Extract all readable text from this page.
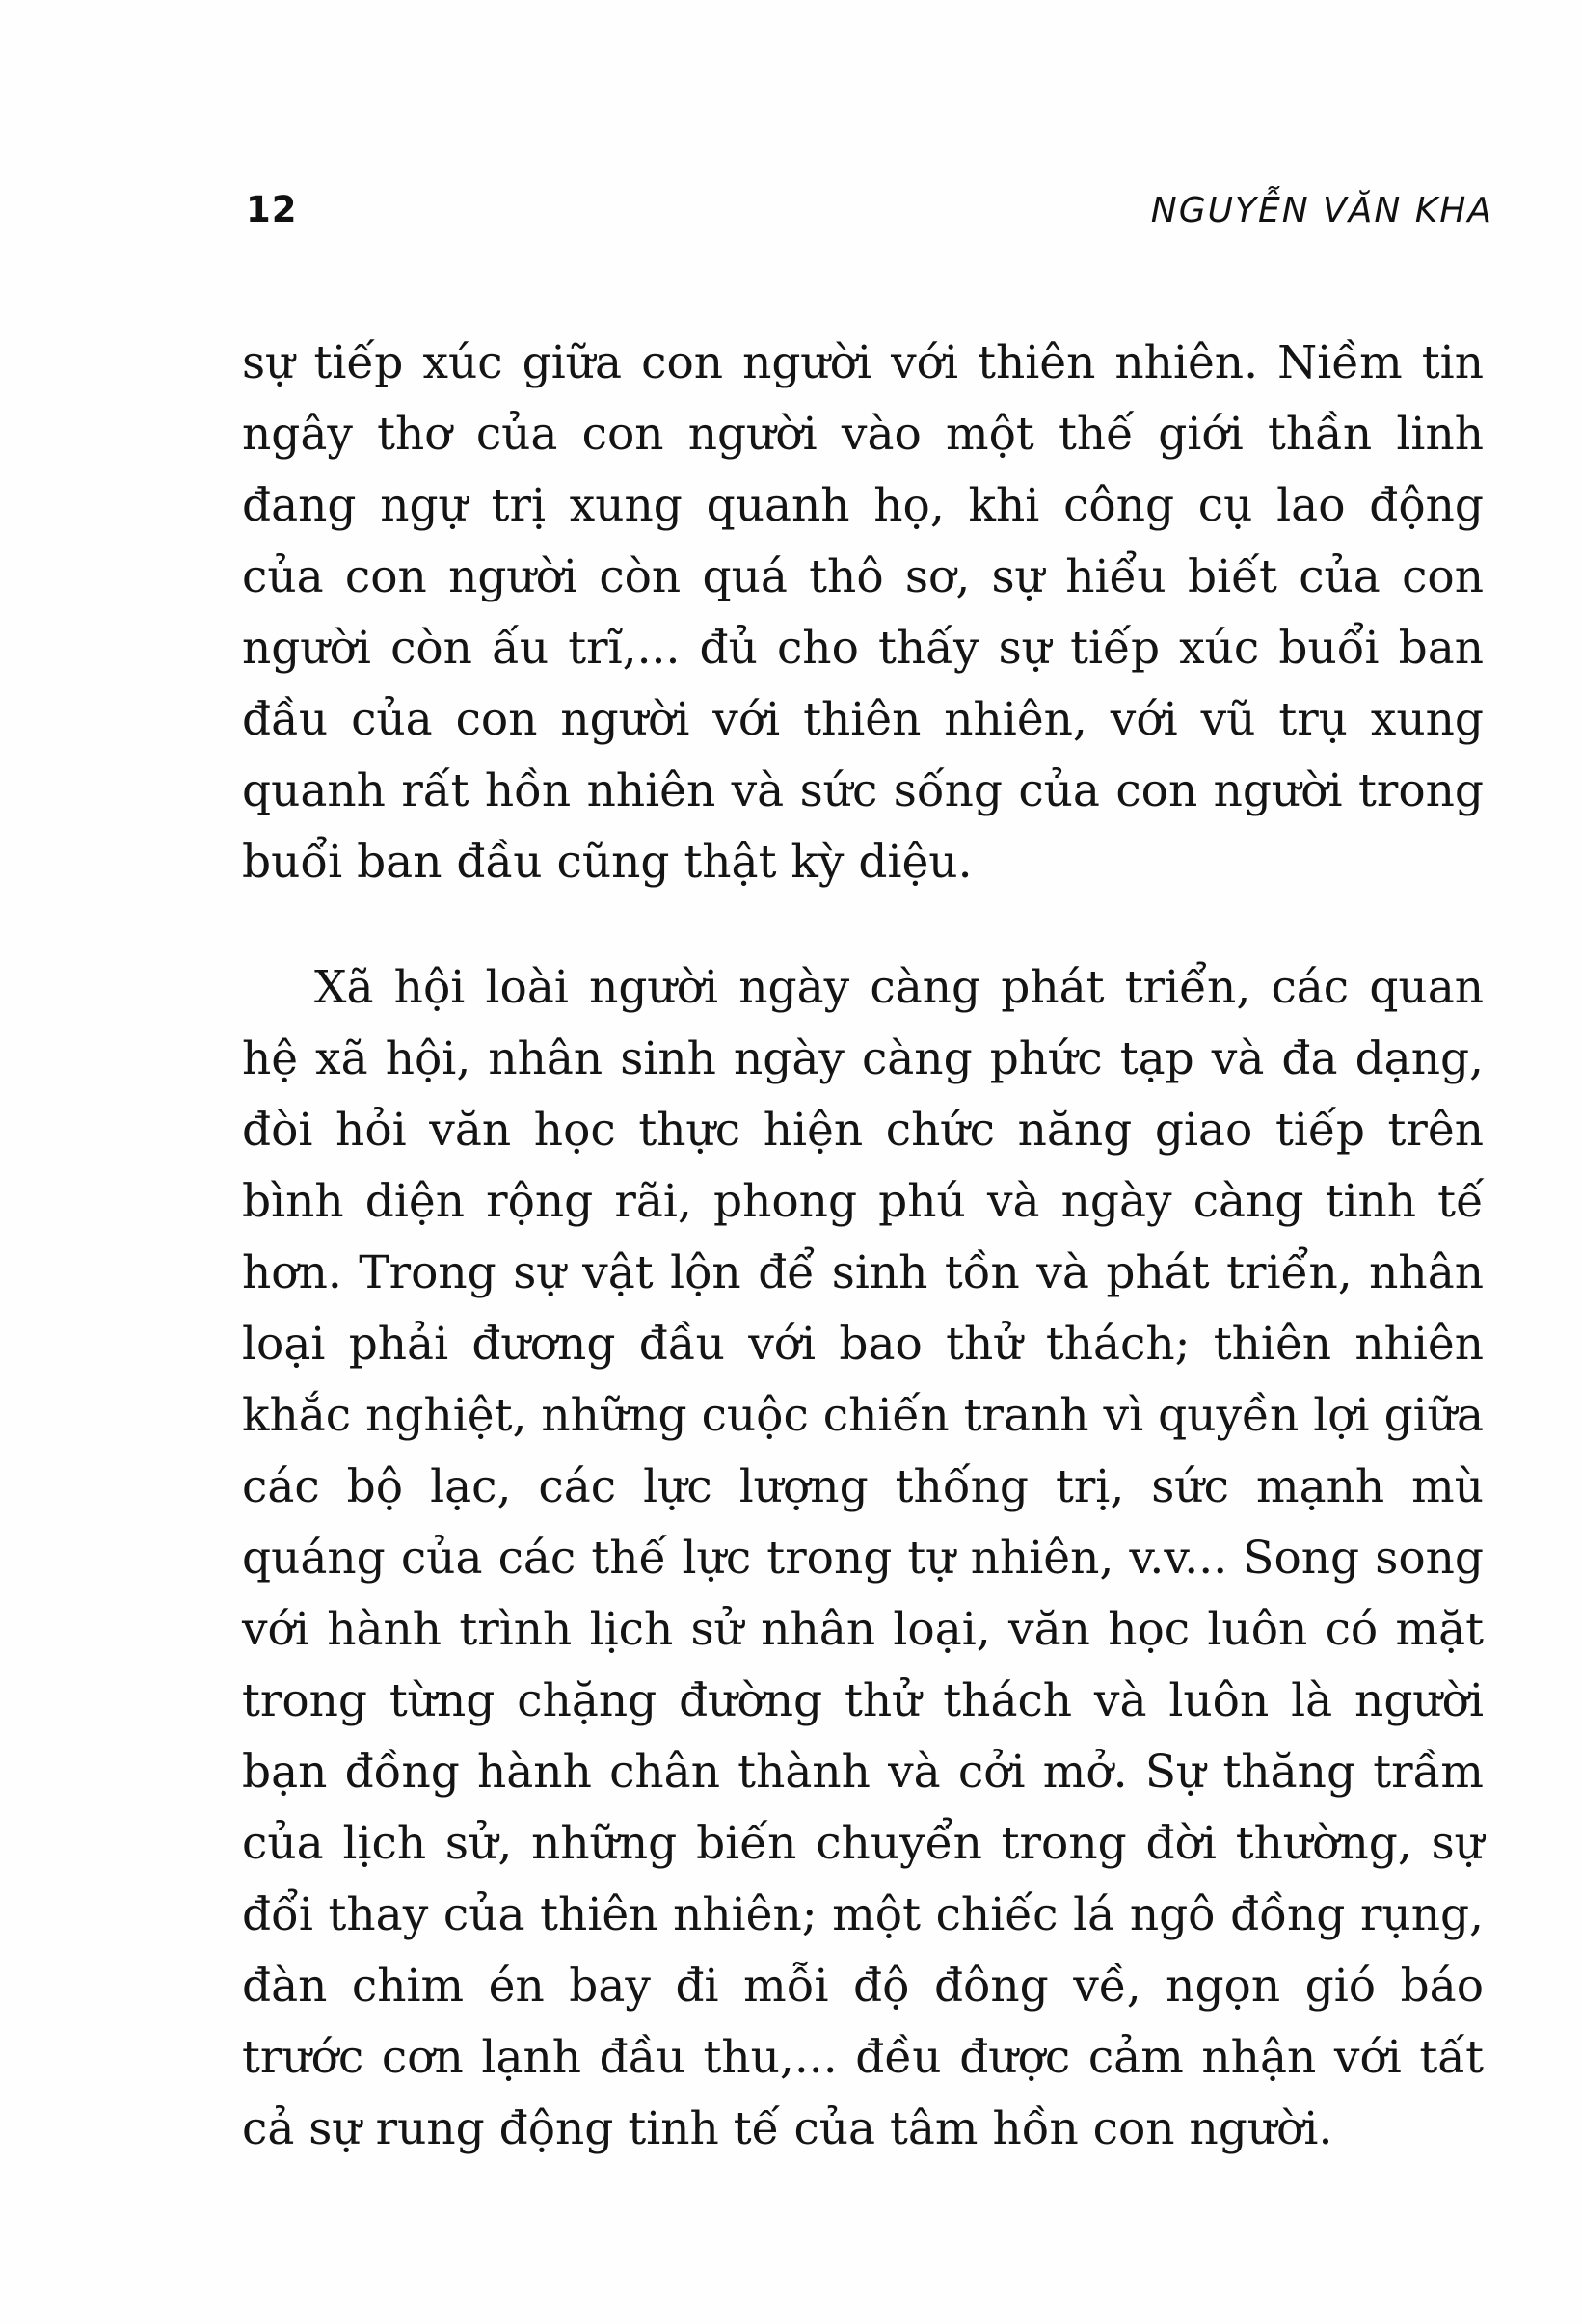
12	NGUYỄN VĂN KHA

sự tiếp xúc giữa con người với thiên nhiên. Niềm tin ngây thơ của con người vào một thế giới thần linh đang ngự trị xung quanh họ, khi công cụ lao động của con người còn quá thô sơ, sự hiểu biết của con người còn ấu trĩ,... đủ cho thấy sự tiếp xúc buổi ban đầu của con người với thiên nhiên, với vũ trụ xung quanh rất hồn nhiên và sức sống của con người trong buổi ban đầu cũng thật kỳ diệu.

Xã hội loài người ngày càng phát triển, các quan hệ xã hội, nhân sinh ngày càng phức tạp và đa dạng, đòi hỏi văn học thực hiện chức năng giao tiếp trên bình diện rộng rãi, phong phú và ngày càng tinh tế hơn. Trong sự vật lộn để sinh tồn và phát triển, nhân loại phải đương đầu với bao thử thách; thiên nhiên khắc nghiệt, những cuộc chiến tranh vì quyền lợi giữa các bộ lạc, các lực lượng thống trị, sức mạnh mù quáng của các thế lực trong tự nhiên, v.v... Song song với hành trình lịch sử nhân loại, văn học luôn có mặt trong từng chặng đường thử thách và luôn là người bạn đồng hành chân thành và cởi mở. Sự thăng trầm của lịch sử, những biến chuyển trong đời thường, sự đổi thay của thiên nhiên; một chiếc lá ngô đồng rụng, đàn chim én bay đi mỗi độ đông về, ngọn gió báo trước cơn lạnh đầu thu,... đều được cảm nhận với tất cả sự rung động tinh tế của tâm hồn con người.
